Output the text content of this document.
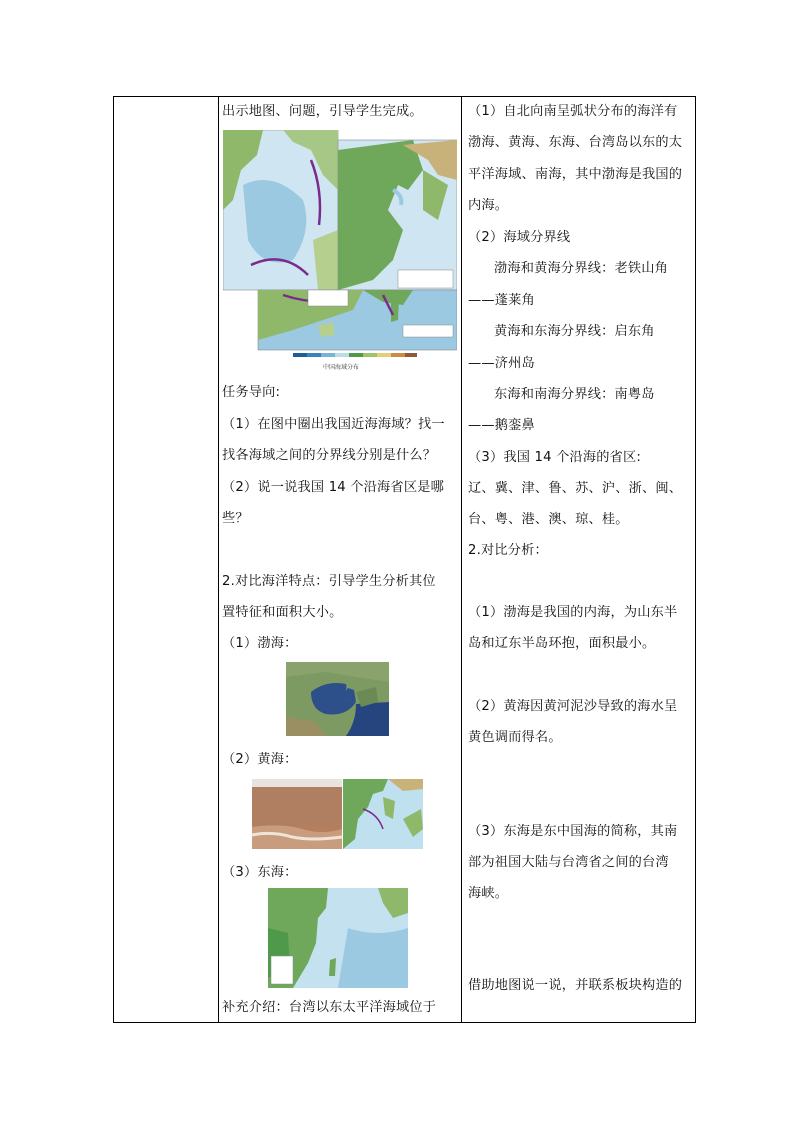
出示地图、问题，引导学生完成。
中国海域分布
任务导向:
（1）在图中圈出我国近海海域？找一
找各海域之间的分界线分别是什么？
（2）说一说我国 14 个沿海省区是哪
些？
2.对比海洋特点：引导学生分析其位
置特征和面积大小。
（1）渤海：
（2）黄海：
（3）东海：
补充介绍：台湾以东太平洋海域位于
（1）自北向南呈弧状分布的海洋有
渤海、黄海、东海、台湾岛以东的太
平洋海域、南海，其中渤海是我国的
内海。
（2）海域分界线
渤海和黄海分界线：老铁山角
——蓬莱角
黄海和东海分界线：启东角
——济州岛
东海和南海分界线：南粤岛
——鹅銮鼻
（3）我国 14 个沿海的省区:
辽、冀、津、鲁、苏、沪、浙、闽、
台、粤、港、澳、琼、桂。
2.对比分析：
（1）渤海是我国的内海，为山东半
岛和辽东半岛环抱，面积最小。
（2）黄海因黄河泥沙导致的海水呈
黄色调而得名。
（3）东海是东中国海的简称，其南
部为祖国大陆与台湾省之间的台湾
海峡。
借助地图说一说，并联系板块构造的
